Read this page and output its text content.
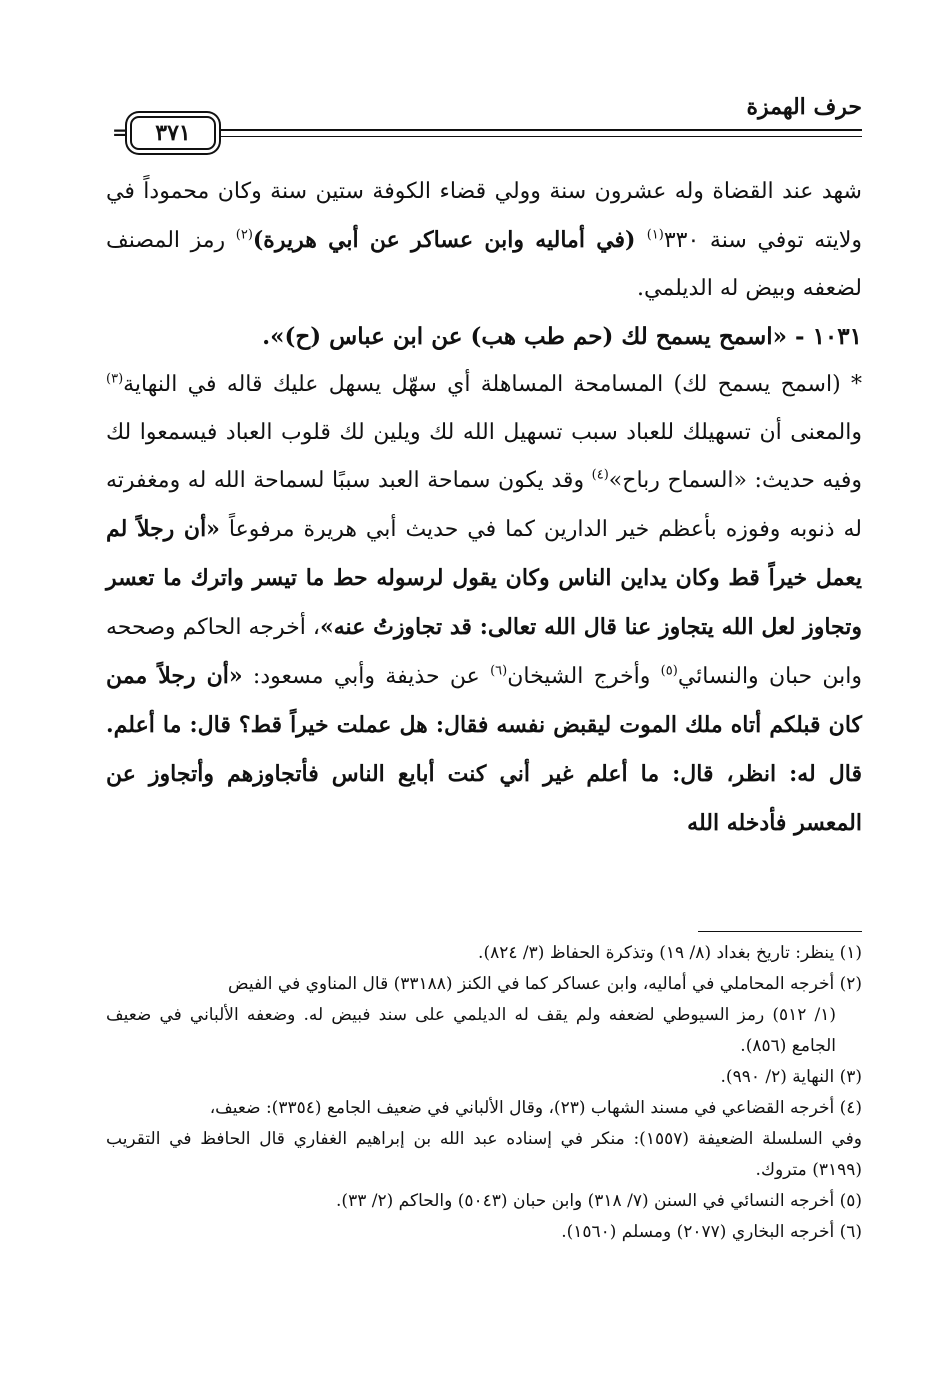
حرف الهمزة
=	٣٧١

شهد عند القضاة وله عشرون سنة وولي قضاء الكوفة ستين سنة وكان محموداً في ولايته توفي سنة ٣٣٠$^{(١)}$ (في أماليه وابن عساكر عن أبي هريرة)$^{(٢)}$ رمز المصنف لضعفه وبيض له الديلمي.

١٠٣١ - «اسمح يسمح لك (حم طب هب) عن ابن عباس (ح)».

* (اسمح يسمح لك) المسامحة المساهلة أي سهّل يسهل عليك قاله في النهاية$^{(٣)}$ والمعنى أن تسهيلك للعباد سبب تسهيل الله لك ويلين لك قلوب العباد فيسمعوا لك وفيه حديث: «السماح رباح»$^{(٤)}$ وقد يكون سماحة العبد سببًا لسماحة الله له ومغفرته له ذنوبه وفوزه بأعظم خير الدارين كما في حديث أبي هريرة مرفوعاً «أن رجلاً لم يعمل خيراً قط وكان يداين الناس وكان يقول لرسوله حط ما تيسر واترك ما تعسر وتجاوز لعل الله يتجاوز عنا قال الله تعالى: قد تجاوزتُ عنه»، أخرجه الحاكم وصححه وابن حبان والنسائي$^{(٥)}$ وأخرج الشيخان$^{(٦)}$ عن حذيفة وأبي مسعود: «أن رجلاً ممن كان قبلكم أتاه ملك الموت ليقبض نفسه فقال: هل عملت خيراً قط؟ قال: ما أعلم. قال له: انظر، قال: ما أعلم غير أني كنت أبايع الناس فأتجاوزهم وأتجاوز عن المعسر فأدخله الله

(١) ينظر: تاريخ بغداد (٨/ ١٩) وتذكرة الحفاظ (٣/ ٨٢٤).

(٢) أخرجه المحاملي في أماليه، وابن عساكر كما في الكنز (٣٣١٨٨) قال المناوي في الفيض

(١/ ٥١٢) رمز السيوطي لضعفه ولم يقف له الديلمي على سند فبيض له. وضعفه الألباني في ضعيف الجامع (٨٥٦).

(٣) النهاية (٢/ ٩٩٠).

(٤) أخرجه القضاعي في مسند الشهاب (٢٣)، وقال الألباني في ضعيف الجامع (٣٣٥٤): ضعيف،

وفي السلسلة الضعيفة (١٥٥٧): منكر في إسناده عبد الله بن إبراهيم الغفاري قال الحافظ في التقريب (٣١٩٩) متروك.

(٥) أخرجه النسائي في السنن (٧/ ٣١٨) وابن حبان (٥٠٤٣) والحاكم (٢/ ٣٣).

(٦) أخرجه البخاري (٢٠٧٧) ومسلم (١٥٦٠).
